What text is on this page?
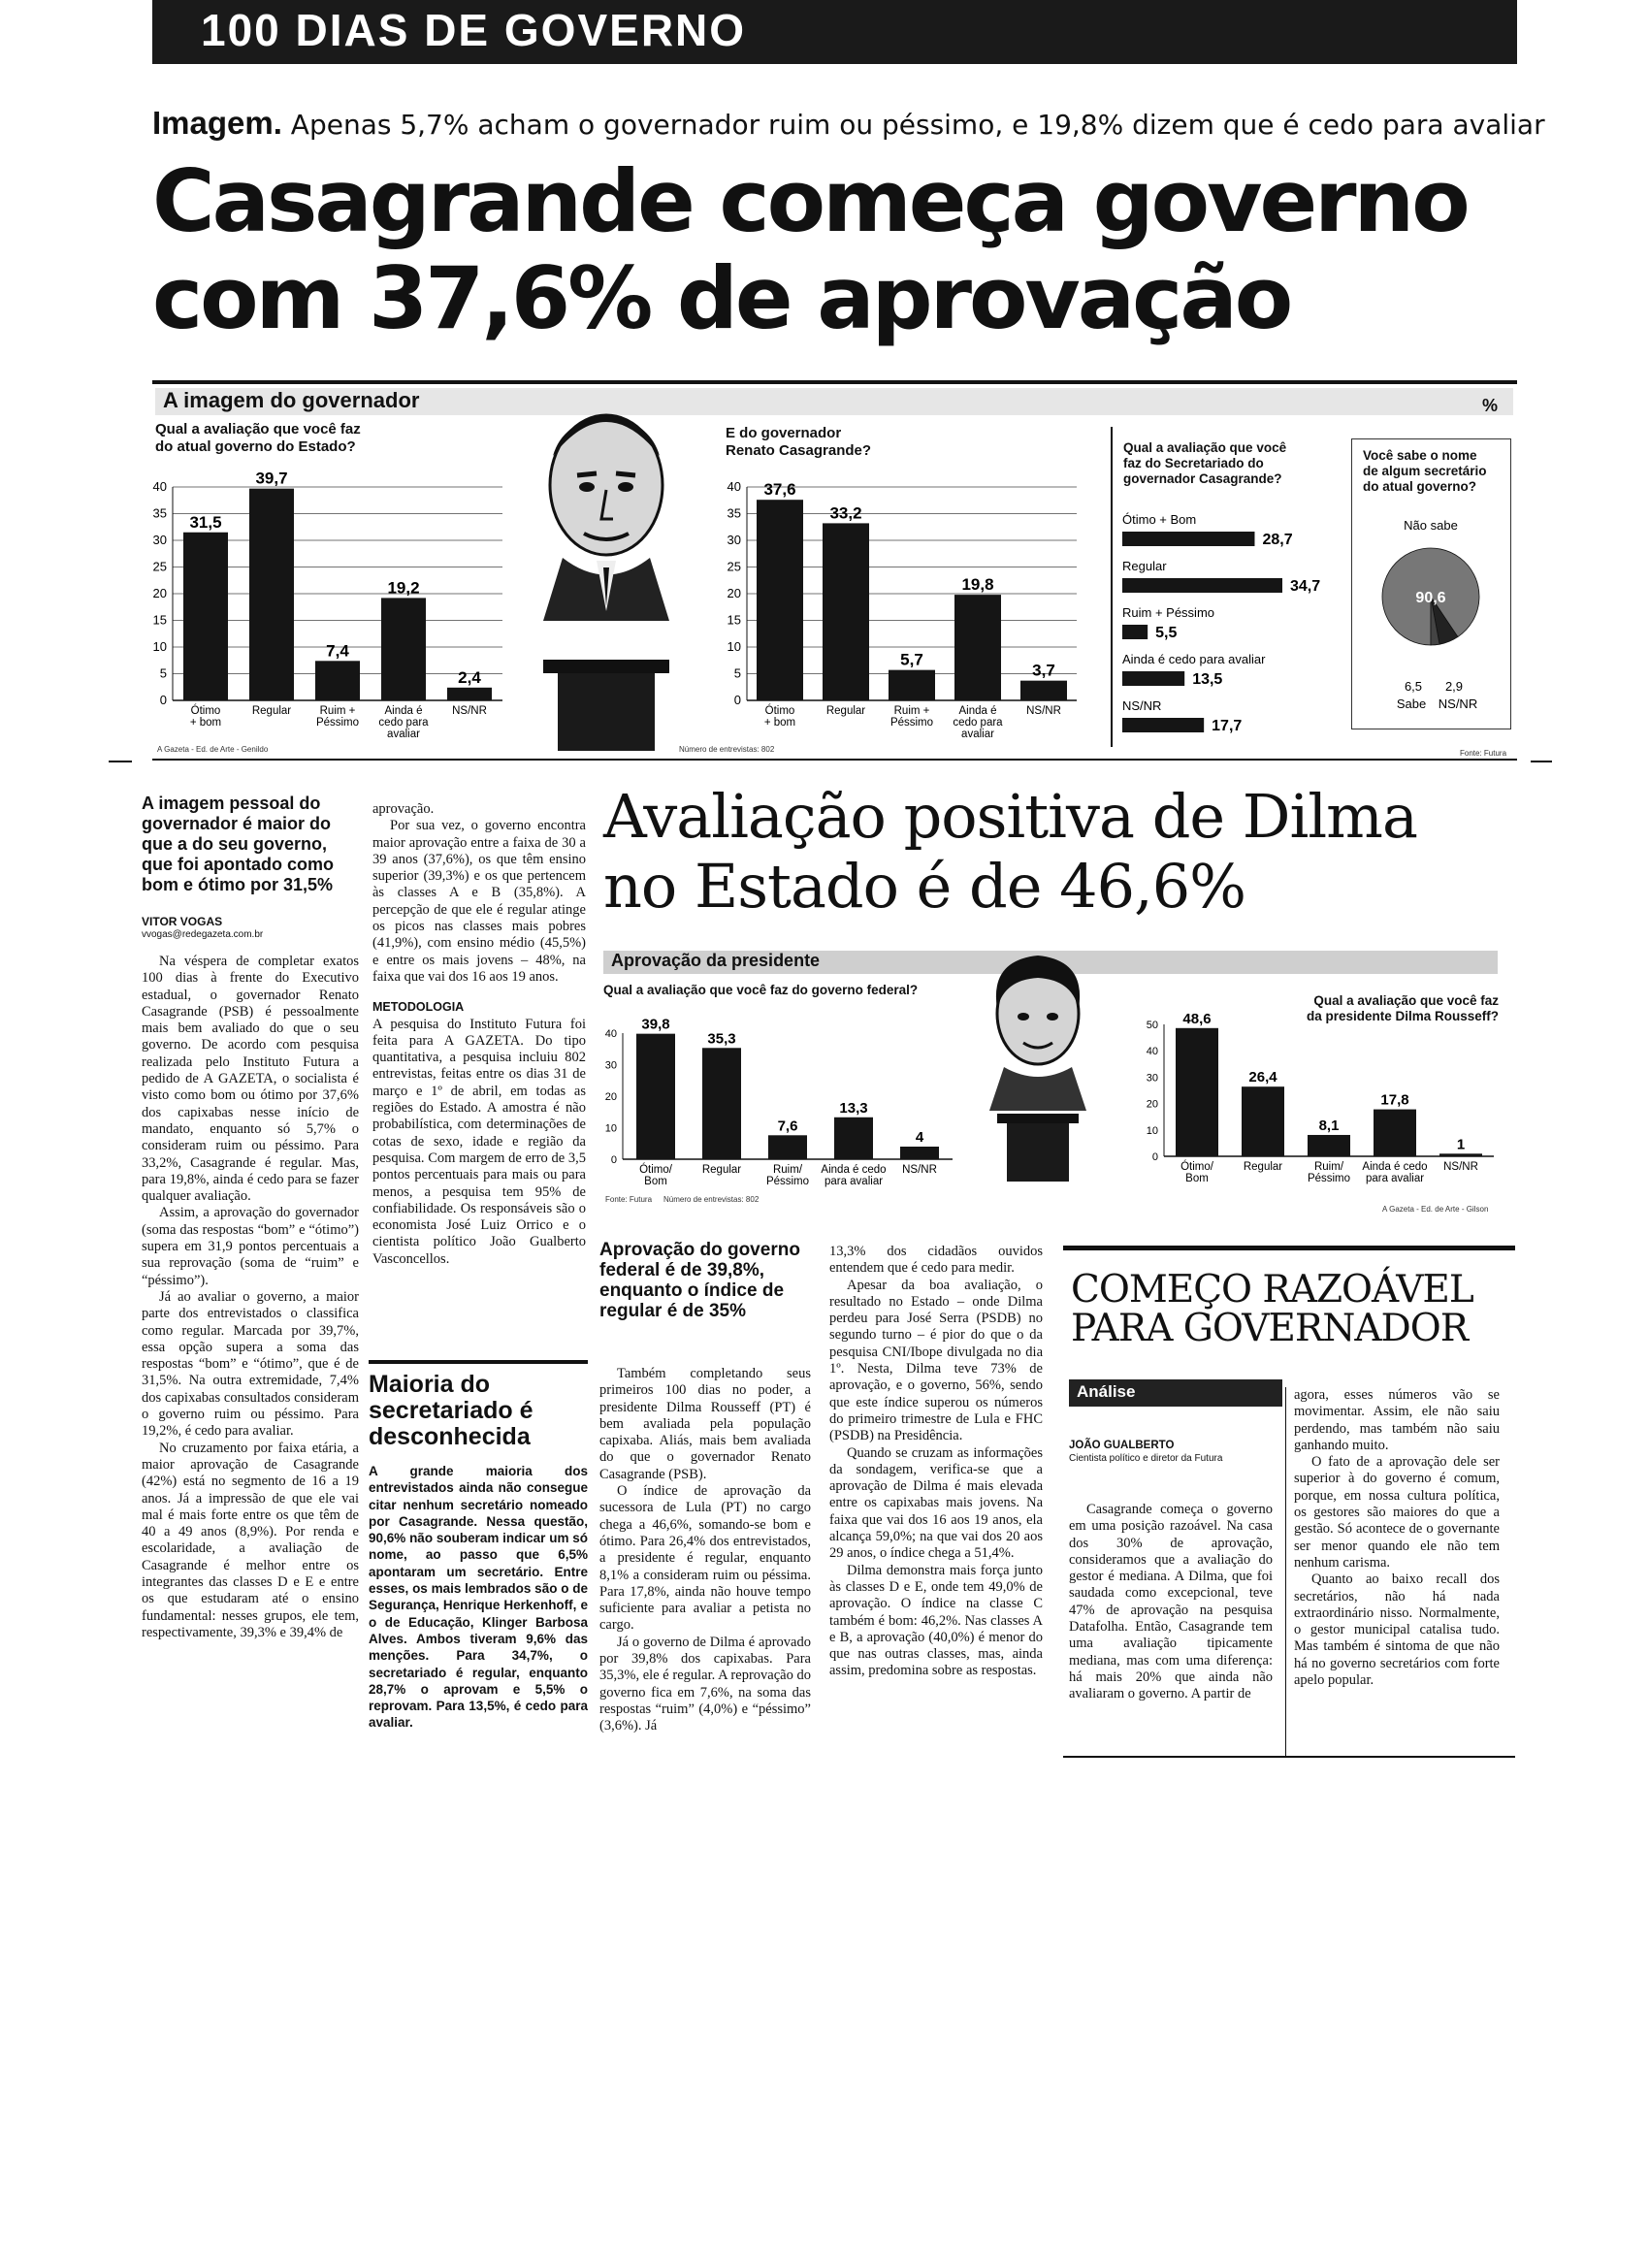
100 DIAS DE GOVERNO
Imagem. Apenas 5,7% acham o governador ruim ou péssimo, e 19,8% dizem que é cedo para avaliar
Casagrande começa governo
com 37,6% de aprovação
A imagem do governador	%
Qual a avaliação que você faz
do atual governo do Estado?
0
5
10
15
20
25
30
35
40
31,5
Ótimo
+ bom
39,7
Regular
7,4
Ruim +
Péssimo
19,2
Ainda é
cedo para
avaliar
2,4
NS/NR
E do governador
Renato Casagrande?
0
5
10
15
20
25
30
35
40 37,6
Ótimo
+ bom
33,2
Regular
5,7
Ruim +
Péssimo
19,8
Ainda é
cedo para
avaliar
3,7
NS/NR
Qual a avaliação que você
faz do Secretariado do
governador Casagrande?
Ótimo + Bom
28,7
Regular
34,7
Ruim + Péssimo
5,5
Ainda é cedo para avaliar
13,5
NS/NR
17,7
Você sabe o nome
de algum secretário
do atual governo?
Não sabe
90,6
6,5 2,9
Sabe NS/NR
A Gazeta - Ed. de Arte - Genildo	Número de entrevistas: 802	Fonte: Futura
A imagem pessoal do governador é maior do que a do seu governo, que foi apontado como bom e ótimo por 31,5%
VITOR VOGAS
vvogas@redegazeta.com.br

Na véspera de completar exatos 100 dias à frente do Executivo estadual, o governador Renato Casagrande (PSB) é pessoalmente mais bem avaliado do que o seu governo. De acordo com pesquisa realizada pelo Instituto Futura a pedido de A GAZETA, o socialista é visto como bom ou ótimo por 37,6% dos capixabas nesse início de mandato, enquanto só 5,7% o consideram ruim ou péssimo. Para 33,2%, Casagrande é regular. Mas, para 19,8%, ainda é cedo para se fazer qualquer avaliação.

Assim, a aprovação do governador (soma das respostas “bom” e “ótimo”) supera em 31,9 pontos percentuais a sua reprovação (soma de “ruim” e “péssimo”).

Já ao avaliar o governo, a maior parte dos entrevistados o classifica como regular. Marcada por 39,7%, essa opção supera a soma das respostas “bom” e “ótimo”, que é de 31,5%. Na outra extremidade, 7,4% dos capixabas consultados consideram o governo ruim ou péssimo. Para 19,2%, é cedo para avaliar.

No cruzamento por faixa etária, a maior aprovação de Casagrande (42%) está no segmento de 16 a 19 anos. Já a impressão de que ele vai mal é mais forte entre os que têm de 40 a 49 anos (8,9%). Por renda e escolaridade, a avaliação de Casagrande é melhor entre os integrantes das classes D e E e entre os que estudaram até o ensino fundamental: nesses grupos, ele tem, respectivamente, 39,3% e 39,4% de

aprovação.

Por sua vez, o governo encontra maior aprovação entre a faixa de 30 a 39 anos (37,6%), os que têm ensino superior (39,3%) e os que pertencem às classes A e B (35,8%). A percepção de que ele é regular atinge os picos nas classes mais pobres (41,9%), com ensino médio (45,5%) e entre os mais jovens – 48%, na faixa que vai dos 16 aos 19 anos.

METODOLOGIA

A pesquisa do Instituto Futura foi feita para A GAZETA. Do tipo quantitativa, a pesquisa incluiu 802 entrevistas, feitas entre os dias 31 de março e 1º de abril, em todas as regiões do Estado. A amostra é não probabilística, com determinações de cotas de sexo, idade e região da pesquisa. Com margem de erro de 3,5 pontos percentuais para mais ou para menos, a pesquisa tem 95% de confiabilidade. Os responsáveis são o economista José Luiz Orrico e o cientista político João Gualberto Vasconcellos.

Maioria do secretariado é desconhecida
A grande maioria dos entrevistados ainda não consegue citar nenhum secretário nomeado por Casagrande. Nessa questão, 90,6% não souberam indicar um só nome, ao passo que 6,5% apontaram um secretário. Entre esses, os mais lembrados são o de Segurança, Henrique Herkenhoff, e o de Educação, Klinger Barbosa Alves. Ambos tiveram 9,6% das menções. Para 34,7%, o secretariado é regular, enquanto 28,7% o aprovam e 5,5% o reprovam. Para 13,5%, é cedo para avaliar.
Avaliação positiva de Dilma
no Estado é de 46,6%
Aprovação da presidente
Qual a avaliação que você faz do governo federal?
0
10
20
30
40
39,8
Ótimo/
Bom
35,3
Regular
7,6
Ruim/
Péssimo
13,3
Ainda é cedo
para avaliar
4
NS/NR
Qual a avaliação que você faz
da presidente Dilma Rousseff?
0
10
20
30
40
50 48,6
Ótimo/
Bom
26,4
Regular
8,1
Ruim/
Péssimo
17,8
Ainda é cedo
para avaliar
1
NS/NR
Fonte: Futura Número de entrevistas: 802
A Gazeta - Ed. de Arte - Gilson
Aprovação do governo federal é de 39,8%, enquanto o índice de regular é de 35%

Também completando seus primeiros 100 dias no poder, a presidente Dilma Rousseff (PT) é bem avaliada pela população capixaba. Aliás, mais bem avaliada do que o governador Renato Casagrande (PSB).

O índice de aprovação da sucessora de Lula (PT) no cargo chega a 46,6%, somando-se bom e ótimo. Para 26,4% dos entrevistados, a presidente é regular, enquanto 8,1% a consideram ruim ou péssima. Para 17,8%, ainda não houve tempo suficiente para avaliar a petista no cargo.

Já o governo de Dilma é aprovado por 39,8% dos capixabas. Para 35,3%, ele é regular. A reprovação do governo fica em 7,6%, na soma das respostas “ruim” (4,0%) e “péssimo” (3,6%). Já

13,3% dos cidadãos ouvidos entendem que é cedo para medir.

Apesar da boa avaliação, o resultado no Estado – onde Dilma perdeu para José Serra (PSDB) no segundo turno – é pior do que o da pesquisa CNI/Ibope divulgada no dia 1º. Nesta, Dilma teve 73% de aprovação, e o governo, 56%, sendo que este índice superou os números do primeiro trimestre de Lula e FHC (PSDB) na Presidência.

Quando se cruzam as informações da sondagem, verifica-se que a aprovação de Dilma é mais elevada entre os capixabas mais jovens. Na faixa que vai dos 16 aos 19 anos, ela alcança 59,0%; na que vai dos 20 aos 29 anos, o índice chega a 51,4%.

Dilma demonstra mais força junto às classes D e E, onde tem 49,0% de aprovação. O índice na classe C também é bom: 46,2%. Nas classes A e B, a aprovação (40,0%) é menor do que nas outras classes, mas, ainda assim, predomina sobre as respostas.

COMEÇO RAZOÁVEL
PARA GOVERNADOR
Análise
JOÃO GUALBERTO
Cientista político e diretor da Futura

Casagrande começa o governo em uma posição razoável. Na casa dos 30% de aprovação, consideramos que a avaliação do gestor é mediana. A Dilma, que foi saudada como excepcional, teve 47% de aprovação na pesquisa Datafolha. Então, Casagrande tem uma avaliação tipicamente mediana, mas com uma diferença: há mais 20% que ainda não avaliaram o governo. A partir de

agora, esses números vão se movimentar. Assim, ele não saiu perdendo, mas também não saiu ganhando muito.

O fato de a aprovação dele ser superior à do governo é comum, porque, em nossa cultura política, os gestores são maiores do que a gestão. Só acontece de o governante ser menor quando ele não tem nenhum carisma.

Quanto ao baixo recall dos secretários, não há nada extraordinário nisso. Normalmente, o gestor municipal catalisa tudo. Mas também é sintoma de que não há no governo secretários com forte apelo popular.
